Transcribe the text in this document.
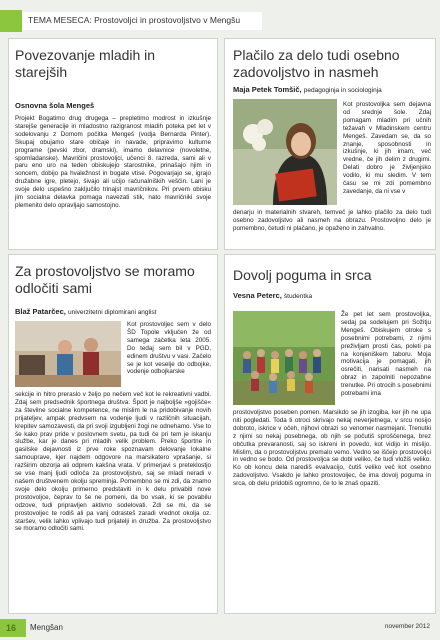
TEMA MESECA: Prostovoljci in prostovoljstvo v Mengšu
Povezovanje mladih in starejših
Osnovna šola Mengeš

Projekt Bogatimo drug drugega – prepletimo modrost in izkušnje starejše generacije in mladostno razigranost mladih poteka pet let v sodelovanju z Domom počitka Mengeš (vodja Bernarda Pinter). Skupaj obujamo stare običaje in navade, pripravimo kulturne programe (pevski zbor, dramski), imamo delavnice (novoletne, spomladanske). Mavričini prostovoljci, učenci 8. razreda, sami ali v paru eno uro na teden obiskujejo starostnike, prinašajo njim in soncem, dobijo pa hvaležnost in bogate vtise. Pogovarjajo se, igrajo družabne igre, pletejo, šivajo ali učijo računalniških veščin. Lani je svoje delo uspešno zaključilo trinajst mavričnikov. Pri prvem obisku jim socialna delavka pomaga navezati stik, nato mavričniki svoje plemenito delo opravljajo samostojno.

Plačilo za delo tudi osebno zadovoljstvo in nasmeh
Maja Petek Tomšič, pedagoginja in sociologinja

Kot prostovoljka sem dejavna od srednje šole. Zdaj pomagam mladim pri učnih težavah v Mladinskem centru Mengeš. Zavedam se, da so znanje, sposobnosti in izkušnje, ki jih imam, več vredne, če jih delim z drugimi. Delati dobro je življenjsko vodilo, ki mu sledim. V tem času se mi zdi pomembno zavedanje, da ni vse v

denarju in materialnih stvareh, temveč je lahko plačilo za delo tudi osebno zadovoljstvo ali nasmeh na obrazu. Prostovoljno delo je pomembno, četudi ni plačano, je opaženo in zahvalno.

Za prostovoljstvo se moramo odločiti sami
Blaž Patarčec, univerzitetni diplomirani anglist

Kot prostovoljec sem v delo ŠD Topole vključen že od samega začetka leta 2005. Do tedaj sem bil v PGD, edinem društvu v vasi. Začelo se je kot veselje do odbojke, vodenje odbojkarske

sekcije in hitro preraslo v željo po nečem več kot le rekreativni vadbi. Zdaj sem predsednik športnega društva. Šport je najboljše »gojišče« za številne socialne kompetence, ne mislim le na pridobivanje novih prijateljev, ampak predvsem na vodenje ljudi v različnih situacijah, krepitev samozavesti, da pri svoji izgubljeni žogi ne odnehamo. Vse to še kako prav pride v poslovnem svetu, pa tudi če pri tem je iskanju službe, kar je danes pri mladih velik problem. Preko športne in gasilske dejavnosti iz prve roke spoznavam delovanje lokalne samouprave, kjer najdem odgovore na marsikatero vprašanje, si razširim obzorja ali odprem kakšna vrata. V primerjavi s preteklostjo se vse manj ljudi odloča za prostovoljstvo, saj se mladi neradi v našem društvenem okolju spreminja. Pomembno se mi zdi, da znamo svoje delo okolju primerno predstaviti in k delu privabiti nove prostovoljce, čeprav to še ne pomeni, da bo vsak, ki se povabilu odzove, tudi pripravljen aktivno sodelovati. Zdi se mi, da se prostovoljec te rodiš ali pa vanj odrasteš zaradi vrednot okolja oz. staršev, velik lahko vplivajo tudi prijatelji in družba. Za prostovoljstvo se moramo odločiti sami.

Dovolj poguma in srca
Vesna Peterc, študentka

Že pet let sem prostovoljka, sedaj pa sodelujem pri Sožitju Mengeš. Obiskujem otroke s posebnimi potrebami, z njimi preživljam prosti čas, poleti pa na konjeniškem taboru. Moja motivacija je pomagati, jih osrečiti, narisati nasmeh na obraz in zapolniti nepozabne trenutke. Pri otrocih s posebnimi potrebami ima

prostovoljstvo poseben pomen. Marsikdo se jih izogiba, ker jih ne upa niti pogledati. Toda ti otroci skrivajo nekaj neverjetnega, v srcu nosijo dobroto, iskrice v očeh, njihovi obrazi so venomer nasmejani. Trenutki z njimi so nekaj posebnega, ob njih se počutiš sproščenega, brez občutka prevaranosti, saj so iskreni in povedo, kot vidijo in mislijo. Mislim, da o prostovoljstvu premalo vemo. Vedno se iščejo prostovoljci in vedno se bodo. Od prostovoljca se dobi veliko, če tudi vložiš veliko. Ko ob koncu dela narediš evalvacijo, čutiš veliko več kot osebno zadovoljstvo. Vsakdo je lahko prostovoljec, če ima dovolj poguma in srca, ob delu pridobiš ogromno, če to le znaš opaziti.

16 Mengšan	november 2012
